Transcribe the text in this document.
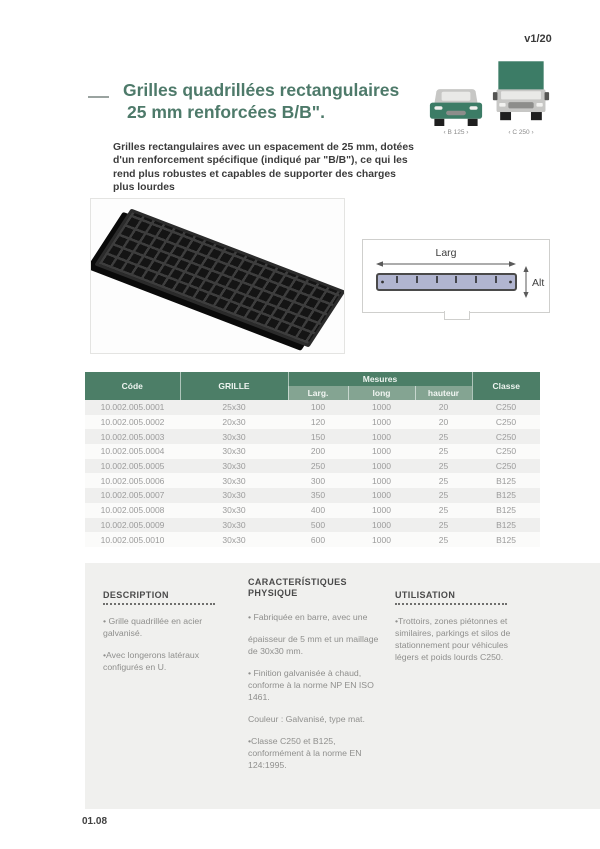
v1/20
Grilles quadrillées rectangulaires
25 mm renforcées B/B".
‹ B 125 ›	‹ C 250 ›

Grilles rectangulaires avec un espacement de 25 mm, dotées

d'un renforcement spécifique (indiqué par "B/B"), ce qui les

rend plus robustes et capables de supporter des charges

plus lourdes

Larg
Alt
Códe	GRILLE	Mesures			Classe
		Larg.	long	hauteur	
10.002.005.0001	25x30	100	1000	20	C250
10.002.005.0002	20x30	120	1000	20	C250
10.002.005.0003	30x30	150	1000	25	C250
10.002.005.0004	30x30	200	1000	25	C250
10.002.005.0005	30x30	250	1000	25	C250
10.002.005.0006	30x30	300	1000	25	B125
10.002.005.0007	30x30	350	1000	25	B125
10.002.005.0008	30x30	400	1000	25	B125
10.002.005.0009	30x30	500	1000	25	B125
10.002.005.0010	30x30	600	1000	25	B125
DESCRIPTION

• Grille quadrillée en acier galvanisé.

•Avec longerons latéraux configurés en U.

CARACTERÍSTIQUES
PHYSIQUE

• Fabriquée en barre, avec une

épaisseur de 5 mm et un maillage de 30x30 mm.

• Finition galvanisée à chaud, conforme à la norme NP EN ISO 1461.

Couleur : Galvanisé, type mat.

•Classe C250 et B125, conformément à la norme EN 124:1995.

UTILISATION

•Trottoirs, zones piétonnes et similaires, parkings et silos de stationnement pour véhicules légers et poids lourds C250.

01.08
